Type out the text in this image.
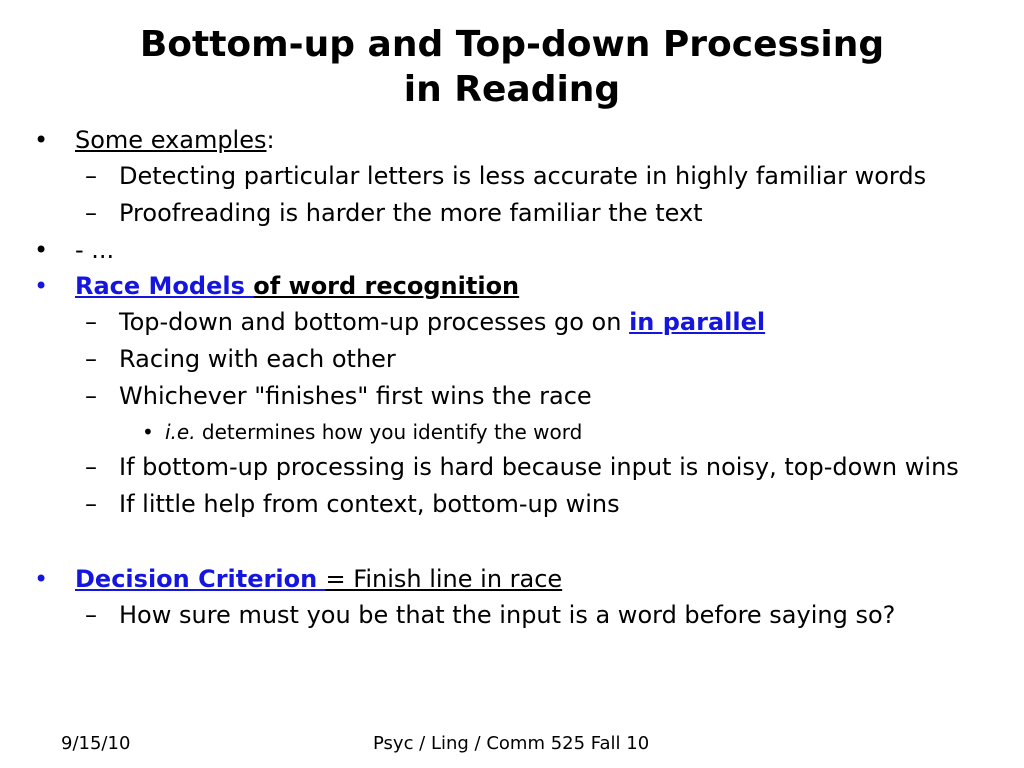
Bottom-up and Top-down Processing
in Reading
• Some examples:
– Detecting particular letters is less accurate in highly familiar words
– Proofreading is harder the more familiar the text
• - ...
• Race Models of word recognition
– Top-down and bottom-up processes go on in parallel
– Racing with each other
– Whichever "finishes" first wins the race
• i.e. determines how you identify the word
– If bottom-up processing is hard because input is noisy, top-down wins
– If little help from context, bottom-up wins
• Decision Criterion = Finish line in race
– How sure must you be that the input is a word before saying so?
9/15/10	Psyc / Ling / Comm 525 Fall 10
